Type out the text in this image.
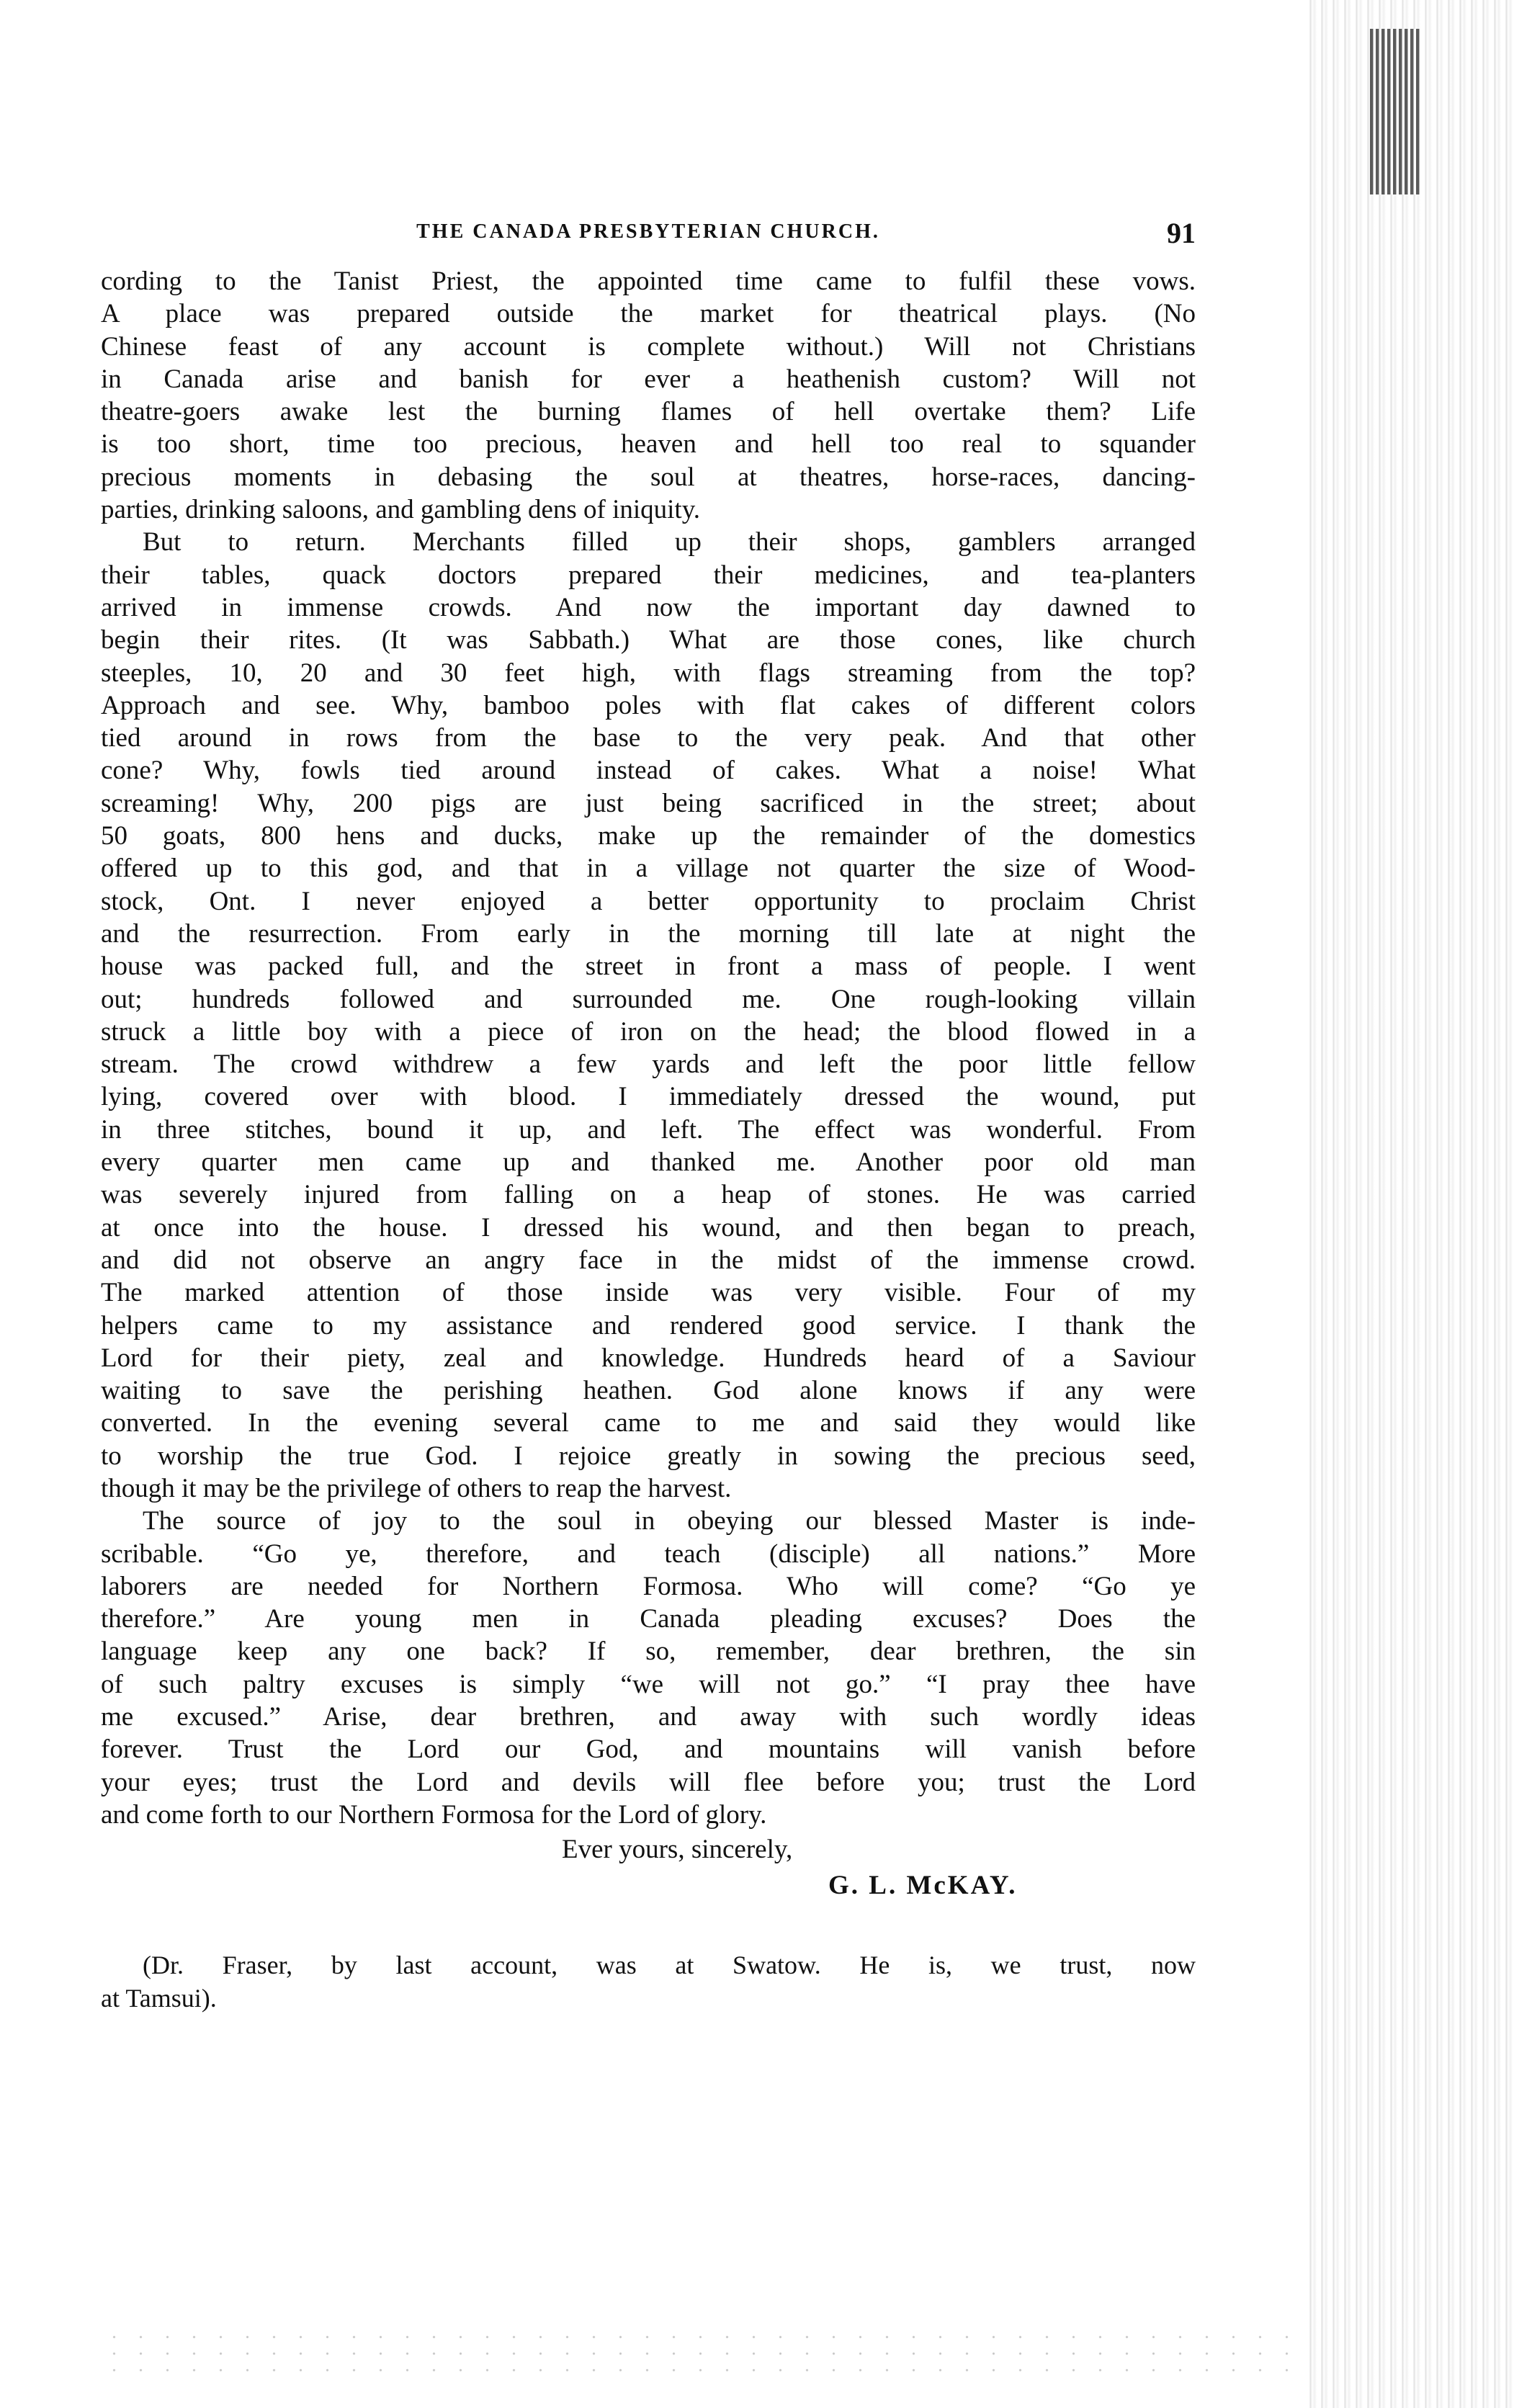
THE CANADA PRESBYTERIAN CHURCH.	91
cording to the Tanist Priest, the appointed time came to fulfil these vows.
A place was prepared outside the market for theatrical plays. (No
Chinese feast of any account is complete without.) Will not Christians
in Canada arise and banish for ever a heathenish custom? Will not
theatre-goers awake lest the burning flames of hell overtake them? Life
is too short, time too precious, heaven and hell too real to squander
precious moments in debasing the soul at theatres, horse-races, dancing-
parties, drinking saloons, and gambling dens of iniquity.
But to return. Merchants filled up their shops, gamblers arranged
their tables, quack doctors prepared their medicines, and tea-planters
arrived in immense crowds. And now the important day dawned to
begin their rites. (It was Sabbath.) What are those cones, like church
steeples, 10, 20 and 30 feet high, with flags streaming from the top?
Approach and see. Why, bamboo poles with flat cakes of different colors
tied around in rows from the base to the very peak. And that other
cone? Why, fowls tied around instead of cakes. What a noise! What
screaming! Why, 200 pigs are just being sacrificed in the street; about
50 goats, 800 hens and ducks, make up the remainder of the domestics
offered up to this god, and that in a village not quarter the size of Wood-
stock, Ont. I never enjoyed a better opportunity to proclaim Christ
and the resurrection. From early in the morning till late at night the
house was packed full, and the street in front a mass of people. I went
out; hundreds followed and surrounded me. One rough-looking villain
struck a little boy with a piece of iron on the head; the blood flowed in a
stream. The crowd withdrew a few yards and left the poor little fellow
lying, covered over with blood. I immediately dressed the wound, put
in three stitches, bound it up, and left. The effect was wonderful. From
every quarter men came up and thanked me. Another poor old man
was severely injured from falling on a heap of stones. He was carried
at once into the house. I dressed his wound, and then began to preach,
and did not observe an angry face in the midst of the immense crowd.
The marked attention of those inside was very visible. Four of my
helpers came to my assistance and rendered good service. I thank the
Lord for their piety, zeal and knowledge. Hundreds heard of a Saviour
waiting to save the perishing heathen. God alone knows if any were
converted. In the evening several came to me and said they would like
to worship the true God. I rejoice greatly in sowing the precious seed,
though it may be the privilege of others to reap the harvest.
The source of joy to the soul in obeying our blessed Master is inde-
scribable. “Go ye, therefore, and teach (disciple) all nations.” More
laborers are needed for Northern Formosa. Who will come? “Go ye
therefore.” Are young men in Canada pleading excuses? Does the
language keep any one back? If so, remember, dear brethren, the sin
of such paltry excuses is simply “we will not go.” “I pray thee have
me excused.” Arise, dear brethren, and away with such wordly ideas
forever. Trust the Lord our God, and mountains will vanish before
your eyes; trust the Lord and devils will flee before you; trust the Lord
and come forth to our Northern Formosa for the Lord of glory.
Ever yours, sincerely,
G. L. McKAY.
(Dr. Fraser, by last account, was at Swatow. He is, we trust, now
at Tamsui).
